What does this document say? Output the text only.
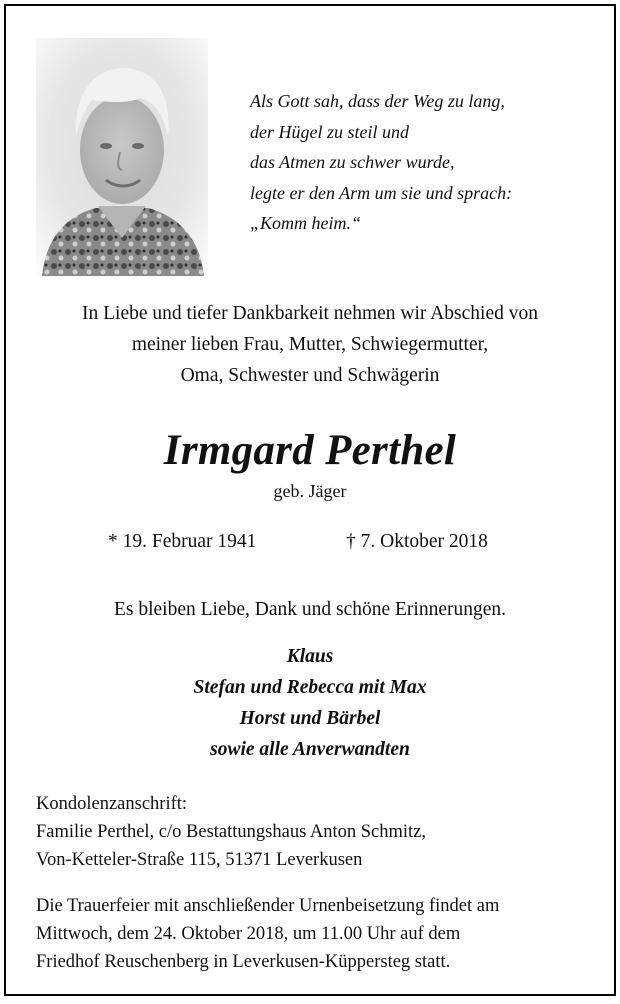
Als Gott sah, dass der Weg zu lang,
der Hügel zu steil und
das Atmen zu schwer wurde,
legte er den Arm um sie und sprach:
„Komm heim.“
In Liebe und tiefer Dankbarkeit nehmen wir Abschied von
meiner lieben Frau, Mutter, Schwiegermutter,
Oma, Schwester und Schwägerin
Irmgard Perthel
geb. Jäger
* 19. Februar 1941	† 7. Oktober 2018
Es bleiben Liebe, Dank und schöne Erinnerungen.
Klaus
Stefan und Rebecca mit Max
Horst und Bärbel
sowie alle Anverwandten
Kondolenzanschrift:
Familie Perthel, c/o Bestattungshaus Anton Schmitz,
Von-Ketteler-Straße 115, 51371 Leverkusen
Die Trauerfeier mit anschließender Urnenbeisetzung findet am
Mittwoch, dem 24. Oktober 2018, um 11.00 Uhr auf dem
Friedhof Reuschenberg in Leverkusen-Küppersteg statt.
